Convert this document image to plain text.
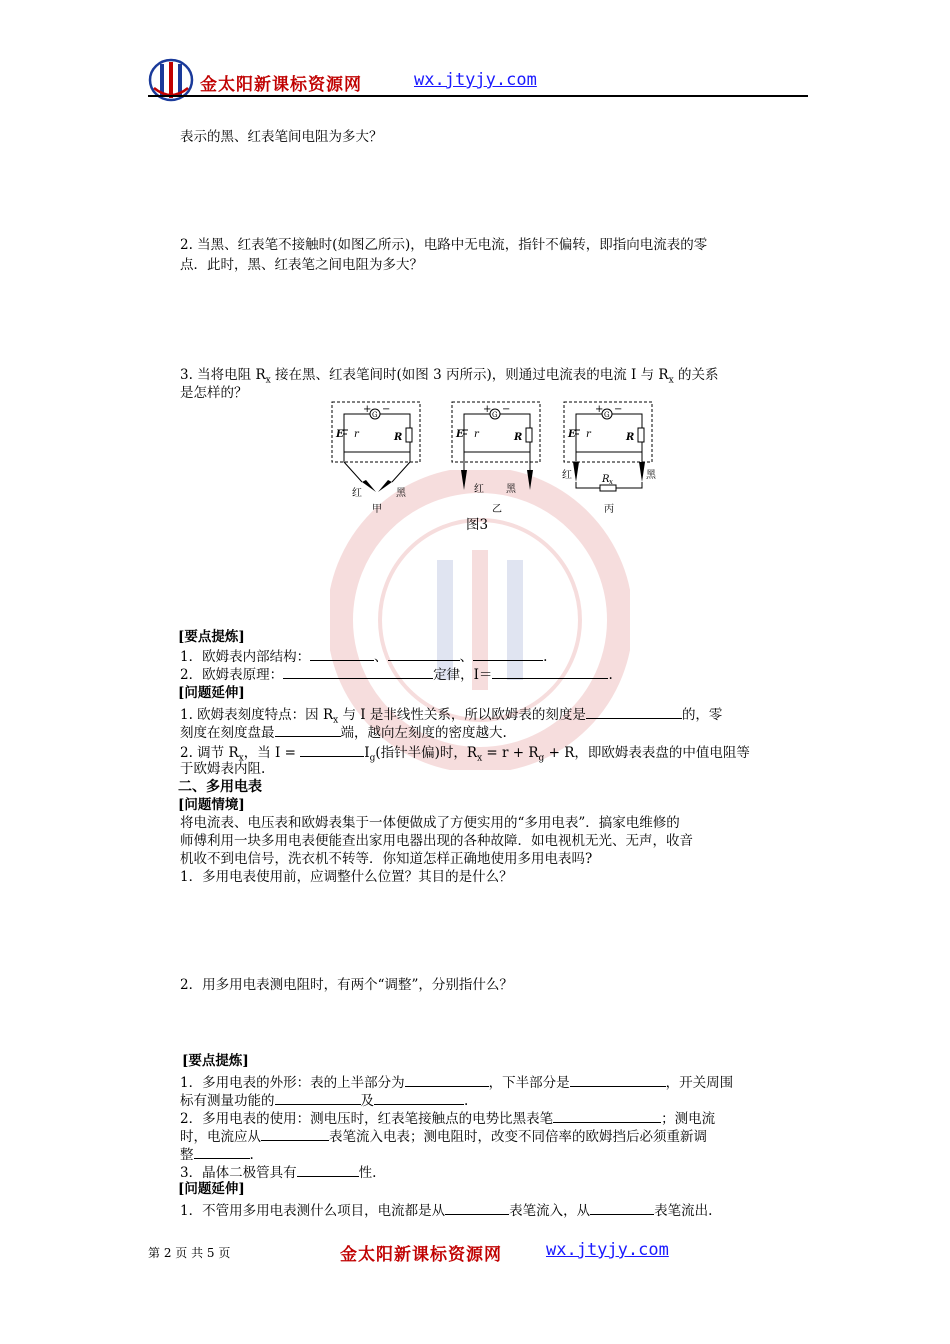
金太阳新课标资源网	wx.jtyjy.com
表示的黑、红表笔间电阻为多大？
2. 当黑、红表笔不接触时(如图乙所示)，电路中无电流，指针不偏转，即指向电流表的零
点．此时，黑、红表笔之间电阻为多大？
3. 当将电阻 $R_x$ 接在黑、红表笔间时(如图 3 丙所示)，则通过电流表的电流 I 与 $R_x$ 的关系
是怎样的？
G
+ −
E r	R
红	黑
甲
G
+ −
E r	R
红 黑
乙
G
+ −
E r	R
R x
红	黑
丙
图3
[要点提炼]
1．欧姆表内部结构：	、	、	.
2．欧姆表原理：	定律，I＝	.
[问题延伸]
1. 欧姆表刻度特点：因 $R_x$ 与 I 是非线性关系，所以欧姆表的刻度是	的，零
刻度在刻度盘最	端，越向左刻度的密度越大.
2. 调节 $R_x$，当 I =	$I_g$(指针半偏)时，$R_x = r + R_g + R$，即欧姆表表盘的中值电阻等
于欧姆表内阻.
二、多用电表
[问题情境]
将电流表、电压表和欧姆表集于一体便做成了方便实用的“多用电表”．搞家电维修的
师傅利用一块多用电表便能查出家用电器出现的各种故障．如电视机无光、无声，收音
机收不到电信号，洗衣机不转等．你知道怎样正确地使用多用电表吗?
1．多用电表使用前，应调整什么位置？其目的是什么？
2．用多用电表测电阻时，有两个“调整”，分别指什么？
[要点提炼]
1．多用电表的外形：表的上半部分为	，下半部分是	，开关周围
标有测量功能的	及	.
2．多用电表的使用：测电压时，红表笔接触点的电势比黑表笔	；测电流
时，电流应从	表笔流入电表；测电阻时，改变不同倍率的欧姆挡后必须重新调
整	.
3．晶体二极管具有	性.
[问题延伸]
1．不管用多用电表测什么项目，电流都是从	表笔流入，从	表笔流出.
第 2 页 共 5 页	金太阳新课标资源网	wx.jtyjy.com
